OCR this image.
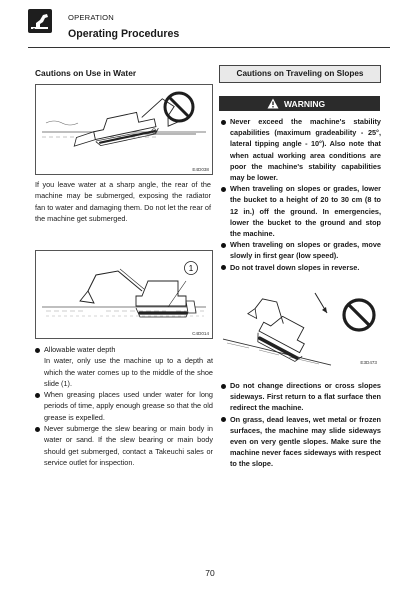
OPERATION
Operating Procedures
Cautions on Use in Water
E4D038
If you leave water at a sharp angle, the rear of the machine may be submerged, exposing the radiator fan to water and damaging them. Do not let the rear of the machine get submerged.
1
C4D014
Allowable water depth
In water, only use the machine up to a depth at which the water comes up to the middle of the shoe slide (1).
When greasing places used under water for long periods of time, apply enough grease so that the old grease is expelled.
Never submerge the slew bearing or main body in water or sand. If the slew bearing or main body should get submerged, contact a Takeuchi sales or service outlet for inspection.
Cautions on Traveling on Slopes
WARNING
Never exceed the machine's stability capabilities (maximum gradeability - 25°, lateral tipping angle - 10°). Also note that when actual working area conditions are poor the machine's stability capabilities may be lower.
When traveling on slopes or grades, lower the bucket to a height of 20 to 30 cm (8 to 12 in.) off the ground. In emergencies, lower the bucket to the ground and stop the machine.
When traveling on slopes or grades, move slowly in first gear (low speed).
Do not travel down slopes in reverse.
E3D473
Do not change directions or cross slopes sideways. First return to a flat surface then redirect the machine.
On grass, dead leaves, wet metal or frozen surfaces, the machine may slide sideways even on very gentle slopes. Make sure the machine never faces sideways with respect to the slope.
70
